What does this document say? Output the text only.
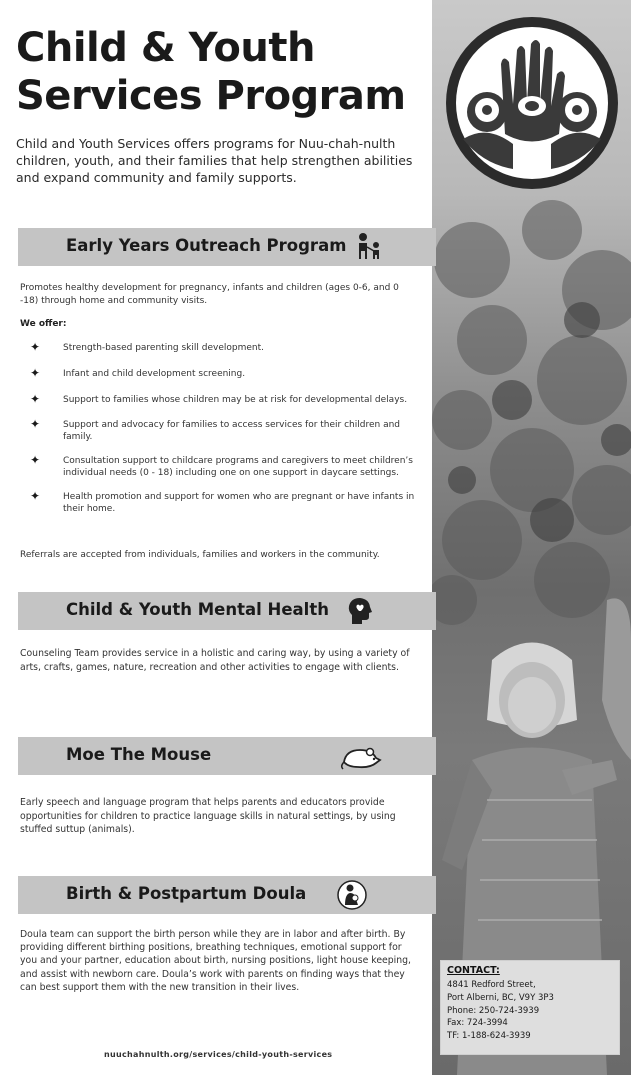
Child & Youth
Services Program
Child and Youth Services offers programs for Nuu-chah-nulth children, youth, and their families that help strengthen abilities and expand community and family supports.
Early Years Outreach Program
Promotes healthy development for pregnancy, infants and children (ages 0-6, and 0 -18) through home and community visits.
We offer:
✦	Strength-based parenting skill development.
✦	Infant and child development screening.
✦	Support to families whose children may be at risk for developmental delays.
✦	Support and advocacy for families to access services for their children and family.
✦	Consultation support to childcare programs and caregivers to meet children’s individual needs (0 - 18) including one on one support in daycare settings.
✦	Health promotion and support for women who are pregnant or have infants in their home.
Referrals are accepted from individuals, families and workers in the community.
Child & Youth Mental Health
Counseling Team provides service in a holistic and caring way, by using a variety of arts, crafts, games, nature, recreation and other activities to engage with clients.
Moe The Mouse
Early speech and language program that helps parents and educators provide opportunities for children to practice language skills in natural settings, by using stuffed suttup (animals).
Birth & Postpartum Doula
Doula team can support the birth person while they are in labor and after birth. By providing different birthing positions, breathing techniques, emotional support for you and your partner, education about birth, nursing positions, light house keeping, and assist with newborn care. Doula’s work with parents on finding ways that they can best support them with the new transition in their lives.
CONTACT:
4841 Redford Street,
Port Alberni, BC, V9Y 3P3
Phone: 250-724-3939
Fax: 724-3994
TF: 1-188-624-3939
nuuchahnulth.org/services/child-youth-services
